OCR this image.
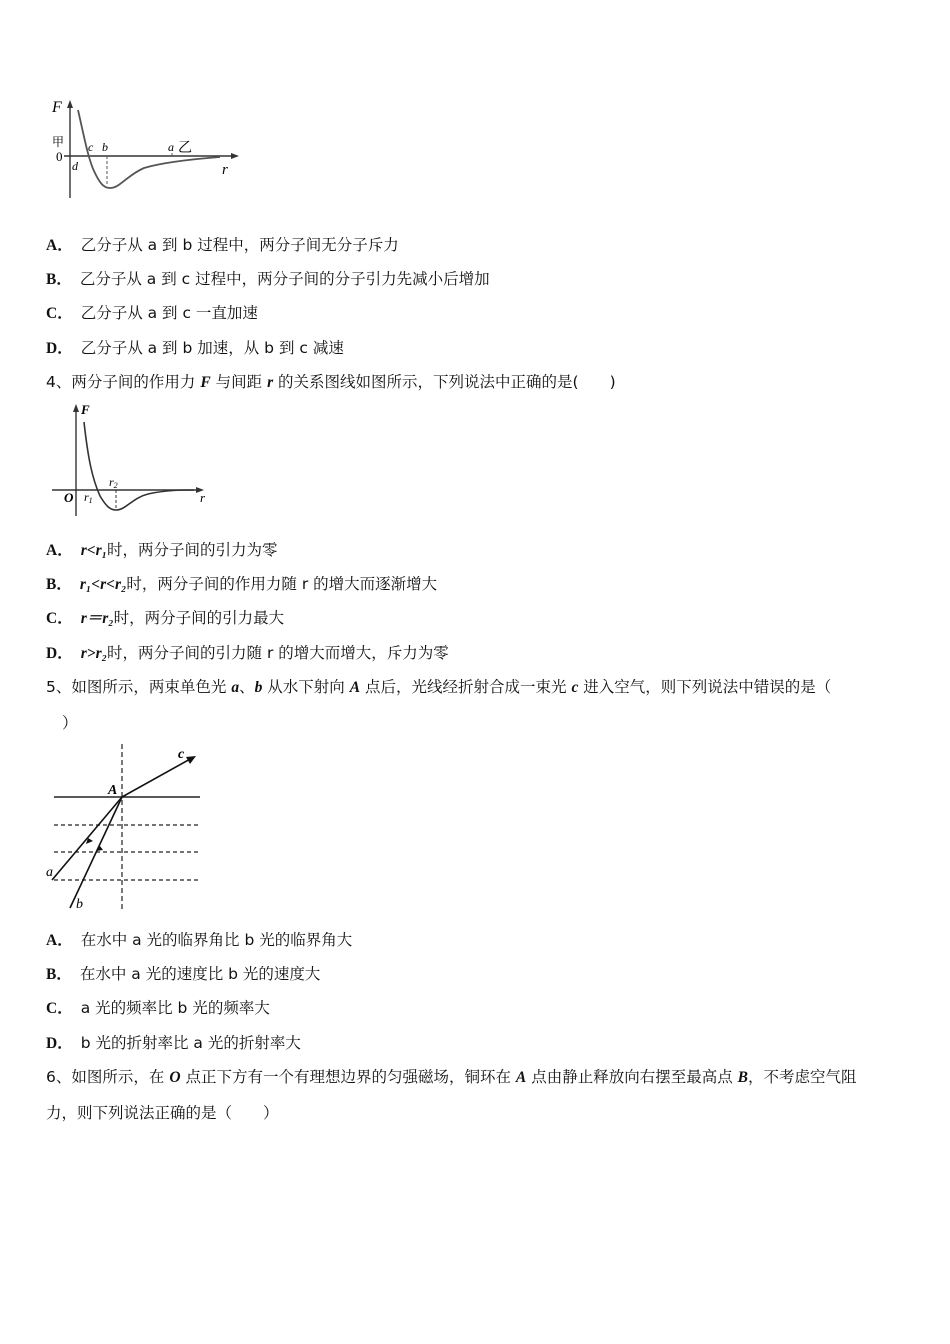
F
甲
0
d
c b	a 乙
r
A． 乙分子从 a 到 b 过程中，两分子间无分子斥力
B． 乙分子从 a 到 c 过程中，两分子间的分子引力先减小后增加
C． 乙分子从 a 到 c 一直加速
D． 乙分子从 a 到 b 加速，从 b 到 c 减速
4、两分子间的作用力 F 与间距 r 的关系图线如图所示，下列说法中正确的是(　　)
F
O r1
r2
r
A． r<r₁时，两分子间的引力为零
B． r₁<r<r₂时，两分子间的作用力随 r 的增大而逐渐增大
C． r＝r₂时，两分子间的引力最大
D． r>r₂时，两分子间的引力随 r 的增大而增大，斥力为零
5、如图所示，两束单色光 a、b 从水下射向 A 点后，光线经折射合成一束光 c 进入空气，则下列说法中错误的是（
）
A
a
b
c
A． 在水中 a 光的临界角比 b 光的临界角大
B． 在水中 a 光的速度比 b 光的速度大
C． a 光的频率比 b 光的频率大
D． b 光的折射率比 a 光的折射率大
6、如图所示，在 O 点正下方有一个有理想边界的匀强磁场，铜环在 A 点由静止释放向右摆至最高点 B，不考虑空气阻
力，则下列说法正确的是（　　）
